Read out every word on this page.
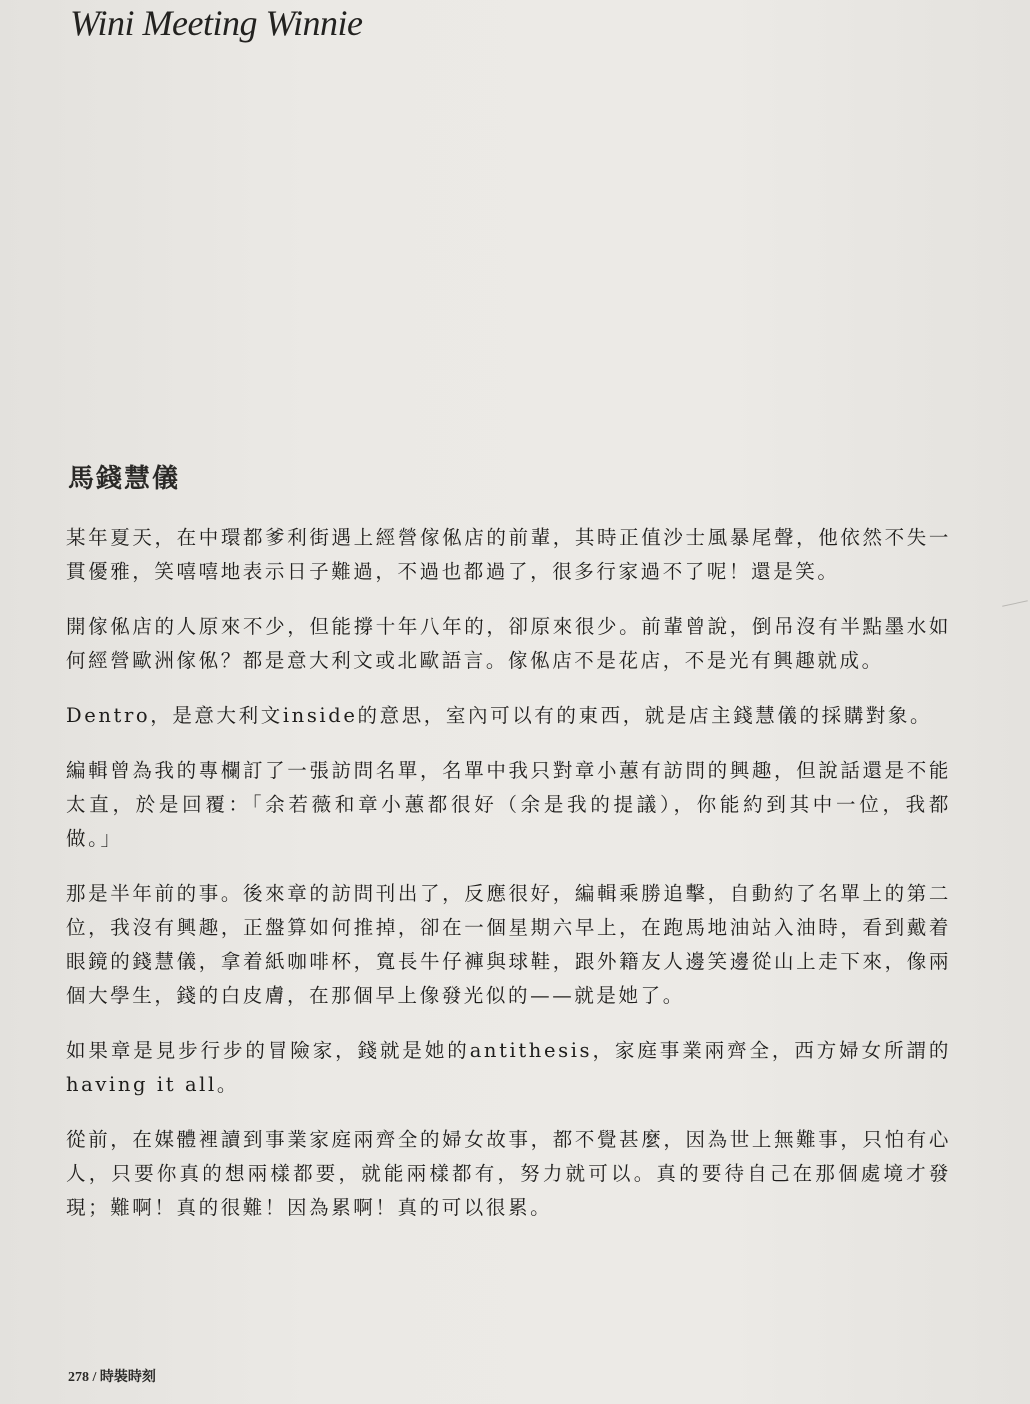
Wini Meeting Winnie
馬錢慧儀

某年夏天，在中環都爹利街遇上經營傢俬店的前輩，其時正值沙士風暴尾聲，他依然不失一貫優雅，笑嘻嘻地表示日子難過，不過也都過了，很多行家過不了呢！還是笑。

開傢俬店的人原來不少，但能撐十年八年的，卻原來很少。前輩曾說，倒吊沒有半點墨水如何經營歐洲傢俬？都是意大利文或北歐語言。傢俬店不是花店，不是光有興趣就成。

Dentro，是意大利文inside的意思，室內可以有的東西，就是店主錢慧儀的採購對象。

編輯曾為我的專欄訂了一張訪問名單，名單中我只對章小蕙有訪問的興趣，但說話還是不能太直，於是回覆：「余若薇和章小蕙都很好（余是我的提議），你能約到其中一位，我都做。」

那是半年前的事。後來章的訪問刊出了，反應很好，編輯乘勝追擊，自動約了名單上的第二位，我沒有興趣，正盤算如何推掉，卻在一個星期六早上，在跑馬地油站入油時，看到戴着眼鏡的錢慧儀，拿着紙咖啡杯，寬長牛仔褲與球鞋，跟外籍友人邊笑邊從山上走下來，像兩個大學生，錢的白皮膚，在那個早上像發光似的——就是她了。

如果章是見步行步的冒險家，錢就是她的antithesis，家庭事業兩齊全，西方婦女所謂的having it all。

從前，在媒體裡讀到事業家庭兩齊全的婦女故事，都不覺甚麼，因為世上無難事，只怕有心人，只要你真的想兩樣都要，就能兩樣都有，努力就可以。真的要待自己在那個處境才發現；難啊！真的很難！因為累啊！真的可以很累。

278 / 時裝時刻
